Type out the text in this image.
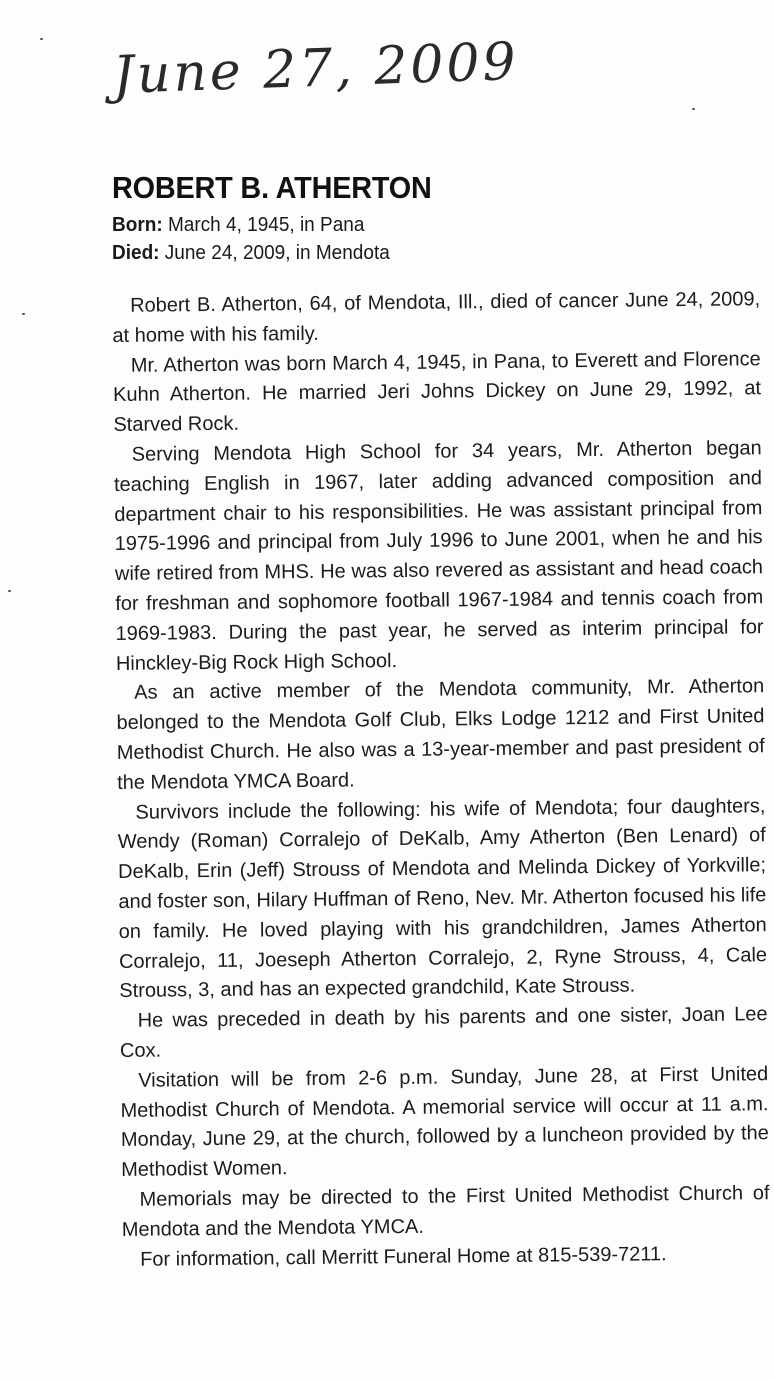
June 27, 2009
ROBERT B. ATHERTON
Born: March 4, 1945, in Pana
Died: June 24, 2009, in Mendota

Robert B. Atherton, 64, of Mendota, Ill., died of cancer June 24, 2009, at home with his family.

Mr. Atherton was born March 4, 1945, in Pana, to Everett and Florence Kuhn Atherton. He married Jeri Johns Dickey on June 29, 1992, at Starved Rock.

Serving Mendota High School for 34 years, Mr. Atherton began teaching English in 1967, later adding advanced composition and department chair to his responsibilities. He was assistant principal from 1975-1996 and principal from July 1996 to June 2001, when he and his wife retired from MHS. He was also revered as assistant and head coach for freshman and sophomore football 1967-1984 and tennis coach from 1969-1983. During the past year, he served as interim principal for Hinckley-Big Rock High School.

As an active member of the Mendota community, Mr. Atherton belonged to the Mendota Golf Club, Elks Lodge 1212 and First United Methodist Church. He also was a 13-year-member and past president of the Mendota YMCA Board.

Survivors include the following: his wife of Mendota; four daughters, Wendy (Roman) Corralejo of DeKalb, Amy Atherton (Ben Lenard) of DeKalb, Erin (Jeff) Strouss of Mendota and Melinda Dickey of Yorkville; and foster son, Hilary Huffman of Reno, Nev. Mr. Atherton focused his life on family. He loved playing with his grandchildren, James Atherton Corralejo, 11, Joeseph Atherton Corralejo, 2, Ryne Strouss, 4, Cale Strouss, 3, and has an expected grandchild, Kate Strouss.

He was preceded in death by his parents and one sister, Joan Lee Cox.

Visitation will be from 2-6 p.m. Sunday, June 28, at First United Methodist Church of Mendota. A memorial service will occur at 11 a.m. Monday, June 29, at the church, followed by a luncheon provided by the Methodist Women.

Memorials may be directed to the First United Methodist Church of Mendota and the Mendota YMCA.

For information, call Merritt Funeral Home at 815-539-7211.
